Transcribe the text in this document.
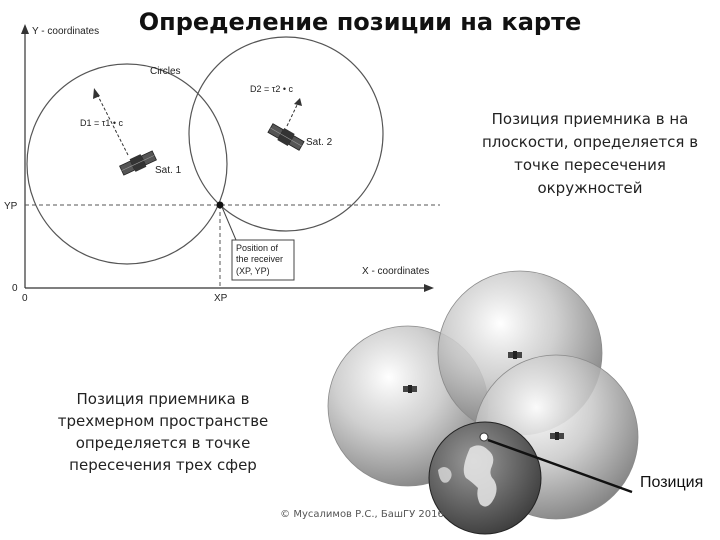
Y - coordinates
X - coordinates
0
0
YP
XP
Circles
Sat. 1
D1 = τ1 • c
Sat. 2
D2 = τ2 • c
Position of
the receiver
(XP, YP)
Позиция
Определение позиции на карте
Позиция приемника в на плоскости, определяется в точке пересечения окружностей
Позиция приемника в трехмерном пространстве определяется в точке пересечения трех сфер
© Мусалимов Р.С., БашГУ 2016
